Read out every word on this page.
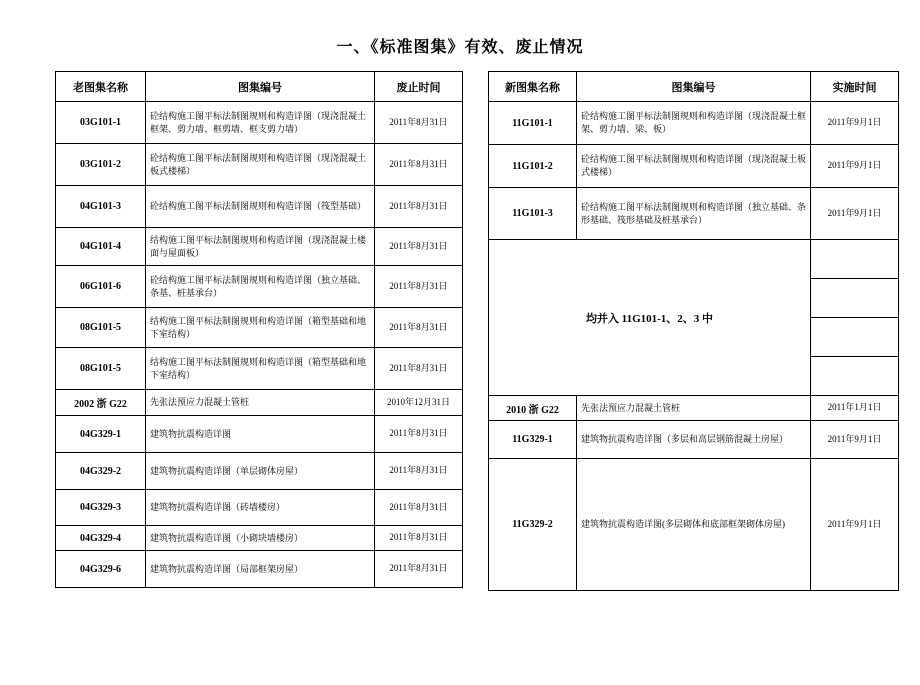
一、《标准图集》有效、废止情况
老图集名称	图集编号	废止时间
03G101-1	砼结构施工图平标法制图规则和构造详图（现浇混凝土框架、剪力墙、框剪墙、框支剪力墙）	2011年8月31日
03G101-2	砼结构施工图平标法制图规则和构造详图（现浇混凝土板式楼梯）	2011年8月31日
04G101-3	砼结构施工图平标法制图规则和构造详图（筏型基础）	2011年8月31日
04G101-4	结构施工图平标法制图规则和构造详图（现浇混凝土楼面与屋面板）	2011年8月31日
06G101-6	砼结构施工图平标法制图规则和构造详图（独立基础、条基、桩基承台）	2011年8月31日
08G101-5	结构施工图平标法制图规则和构造详图（箱型基础和地下室结构）	2011年8月31日
08G101-5	结构施工图平标法制图规则和构造详图（箱型基础和地下室结构）	2011年8月31日
2002 浙 G22	先张法预应力混凝土管桩	2010年12月31日
04G329-1	建筑物抗震构造详图	2011年8月31日
04G329-2	建筑物抗震构造详图（单层砌体房屋）	2011年8月31日
04G329-3	建筑物抗震构造详图（砖墙楼房）	2011年8月31日
04G329-4	建筑物抗震构造详图（小砌块墙楼房）	2011年8月31日
04G329-6	建筑物抗震构造详图（局部框架房屋）	2011年8月31日
新图集名称	图集编号	实施时间
11G101-1	砼结构施工图平标法制图规则和构造详图（现浇混凝土框架、剪力墙、梁、板）	2011年9月1日
11G101-2	砼结构施工图平标法制图规则和构造详图（现浇混凝土板式楼梯）	2011年9月1日
11G101-3	砼结构施工图平标法制图规则和构造详图（独立基础、条形基础、筏形基础及桩基承台）	2011年9月1日
均并入 11G101-1、2、3 中		

2010 浙 G22	先张法预应力混凝土管桩	2011年1月1日
11G329-1	建筑物抗震构造详图（多层和高层钢筋混凝土房屋）	2011年9月1日
11G329-2	建筑物抗震构造详图(多层砌体和底部框架砌体房屋)	2011年9月1日
